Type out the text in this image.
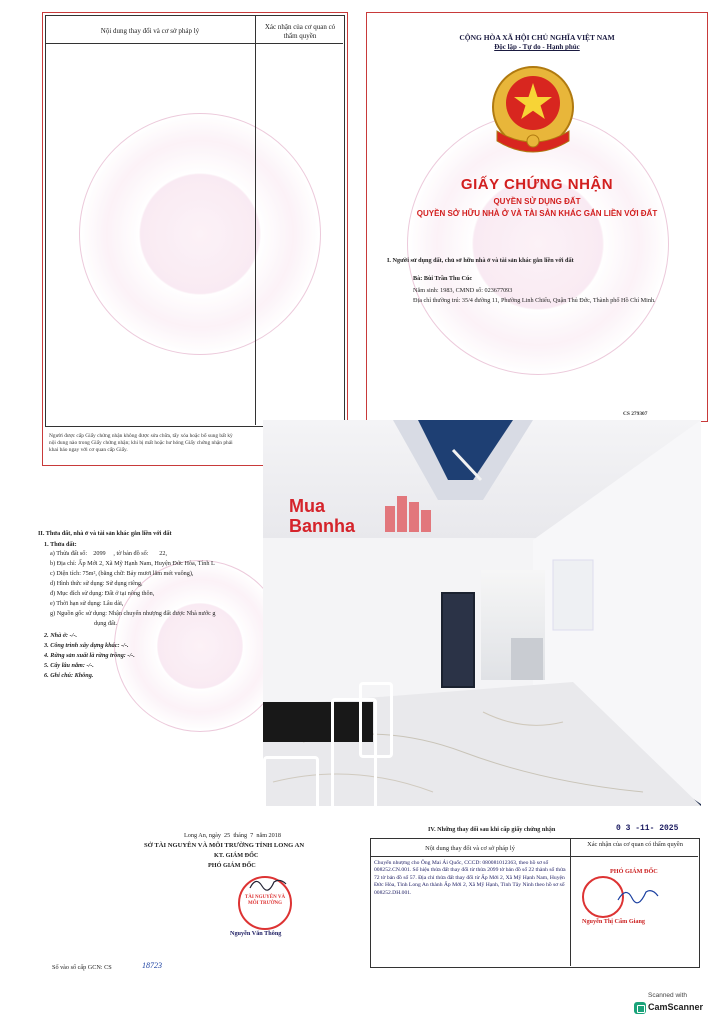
Nội dung thay đổi và cơ sở pháp lý	Xác nhận của cơ quan có thẩm quyền
Người được cấp Giấy chứng nhận không được sửa chữa, tẩy xóa hoặc bổ sung bất kỳ nội dung nào trong Giấy chứng nhận; khi bị mất hoặc hư hỏng Giấy chứng nhận phải khai báo ngay với cơ quan cấp Giấy.
CỘNG HÒA XÃ HỘI CHỦ NGHĨA VIỆT NAM
Độc lập - Tự do - Hạnh phúc
GIẤY CHỨNG NHẬN
QUYỀN SỬ DỤNG ĐẤT
QUYỀN SỞ HỮU NHÀ Ở VÀ TÀI SẢN KHÁC GẮN LIỀN VỚI ĐẤT
I. Người sử dụng đất, chủ sở hữu nhà ở và tài sản khác gắn liền với đất
Bà: Bùi Trần Thu Cúc
Năm sinh: 1983, CMND số: 023677093
Địa chỉ thường trú: 35/4 đường 11, Phường Linh Chiểu, Quận Thủ Đức, Thành phố Hồ Chí Minh.
CS 279307
II. Thửa đất, nhà ở và tài sản khác gắn liền với đất
1. Thửa đất:
a) Thửa đất số:    2099     , tờ bản đồ số:       22,
b) Địa chỉ: Ấp Mới 2, Xã Mỹ Hạnh Nam, Huyện Đức Hòa, Tỉnh L
c) Diện tích: 75m², (bằng chữ: Bảy mươi lăm mét vuông),
d) Hình thức sử dụng: Sử dụng riêng,
đ) Mục đích sử dụng: Đất ở tại nông thôn,
e) Thời hạn sử dụng: Lâu dài,
g) Nguồn gốc sử dụng: Nhận chuyển nhượng đất được Nhà nước g
dụng đất.
2. Nhà ở: -/-.
3. Công trình xây dựng khác: -/-.
4. Rừng sản xuất là rừng trồng: -/-.
5. Cây lâu năm: -/-.
6. Ghi chú: Không.
Long An, ngày  25  tháng  7  năm 2018
SỞ TÀI NGUYÊN VÀ MÔI TRƯỜNG TỈNH LONG AN
KT. GIÁM ĐỐC
PHÓ GIÁM ĐỐC
TÀI NGUYÊN VÀ MÔI TRƯỜNG
Nguyễn Văn Thông
Số vào sổ cấp GCN: CS	18723
IV. Những thay đổi sau khi cấp giấy chứng nhận	0 3 -11- 2025
Nội dung thay đổi và cơ sở pháp lý
Xác nhận của cơ quan có thẩm quyền
Chuyển nhượng cho Ông Mai Ái Quốc, CCCD: 080081012363, theo hồ sơ số 008252.CN.001. Số hiệu thửa đất thay đổi từ thửa 2099 tờ bản đồ số 22 thành số thửa 72 tờ bản đồ số 57. Địa chỉ thửa đất thay đổi từ Ấp Mới 2, Xã Mỹ Hạnh Nam, Huyện Đức Hòa, Tỉnh Long An thành Ấp Mới 2, Xã Mỹ Hạnh, Tỉnh Tây Ninh theo hồ sơ số 008252.DH.001.
PHÓ GIÁM ĐỐC
Nguyễn Thị Cẩm Giang
Mua
Bannha
Scanned with
CamScanner
